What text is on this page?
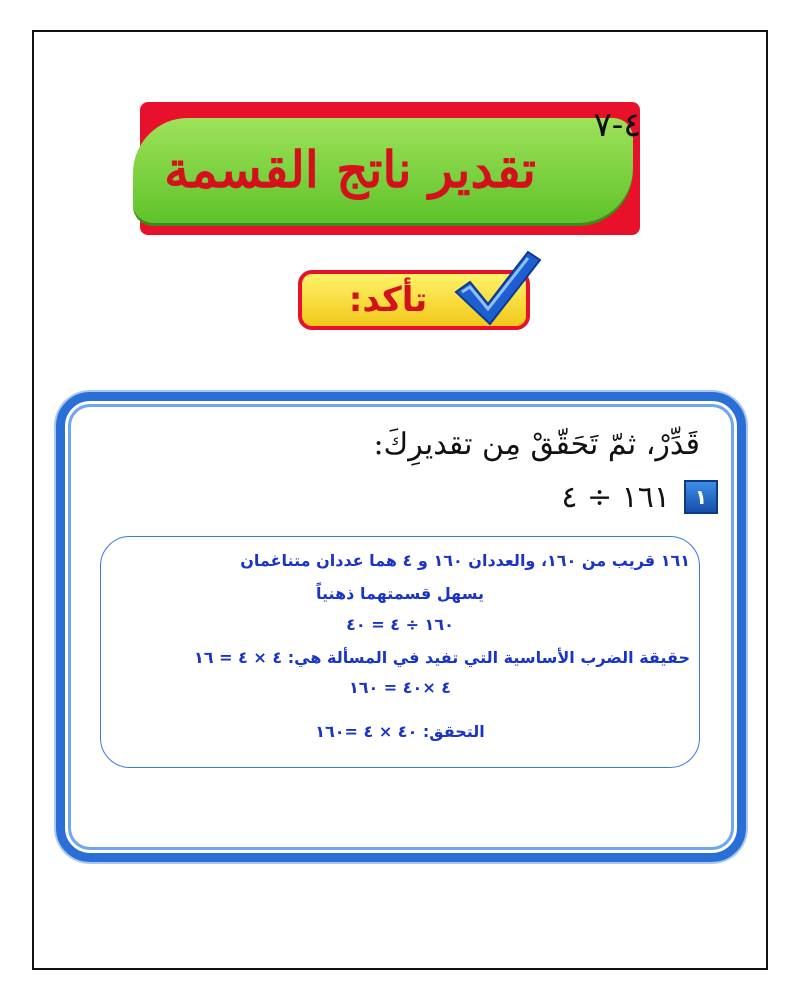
٤-٧
تقدير ناتج القسمة
تأكد:
قَدِّرْ، ثمّ تَحَقّقْ مِن تقديرِكَ:
١
١٦١ ÷ ٤
١٦١ قريب من ١٦٠، والعددان ١٦٠ و ٤ هما عددان متناغمان
يسهل قسمتهما ذهنياً
١٦٠ ÷ ٤ = ٤٠
حقيقة الضرب الأساسية التي تفيد في المسألة هي: ٤ × ٤ = ١٦
٤ ×٤٠ = ١٦٠
التحقق: ٤٠ × ٤ =١٦٠
